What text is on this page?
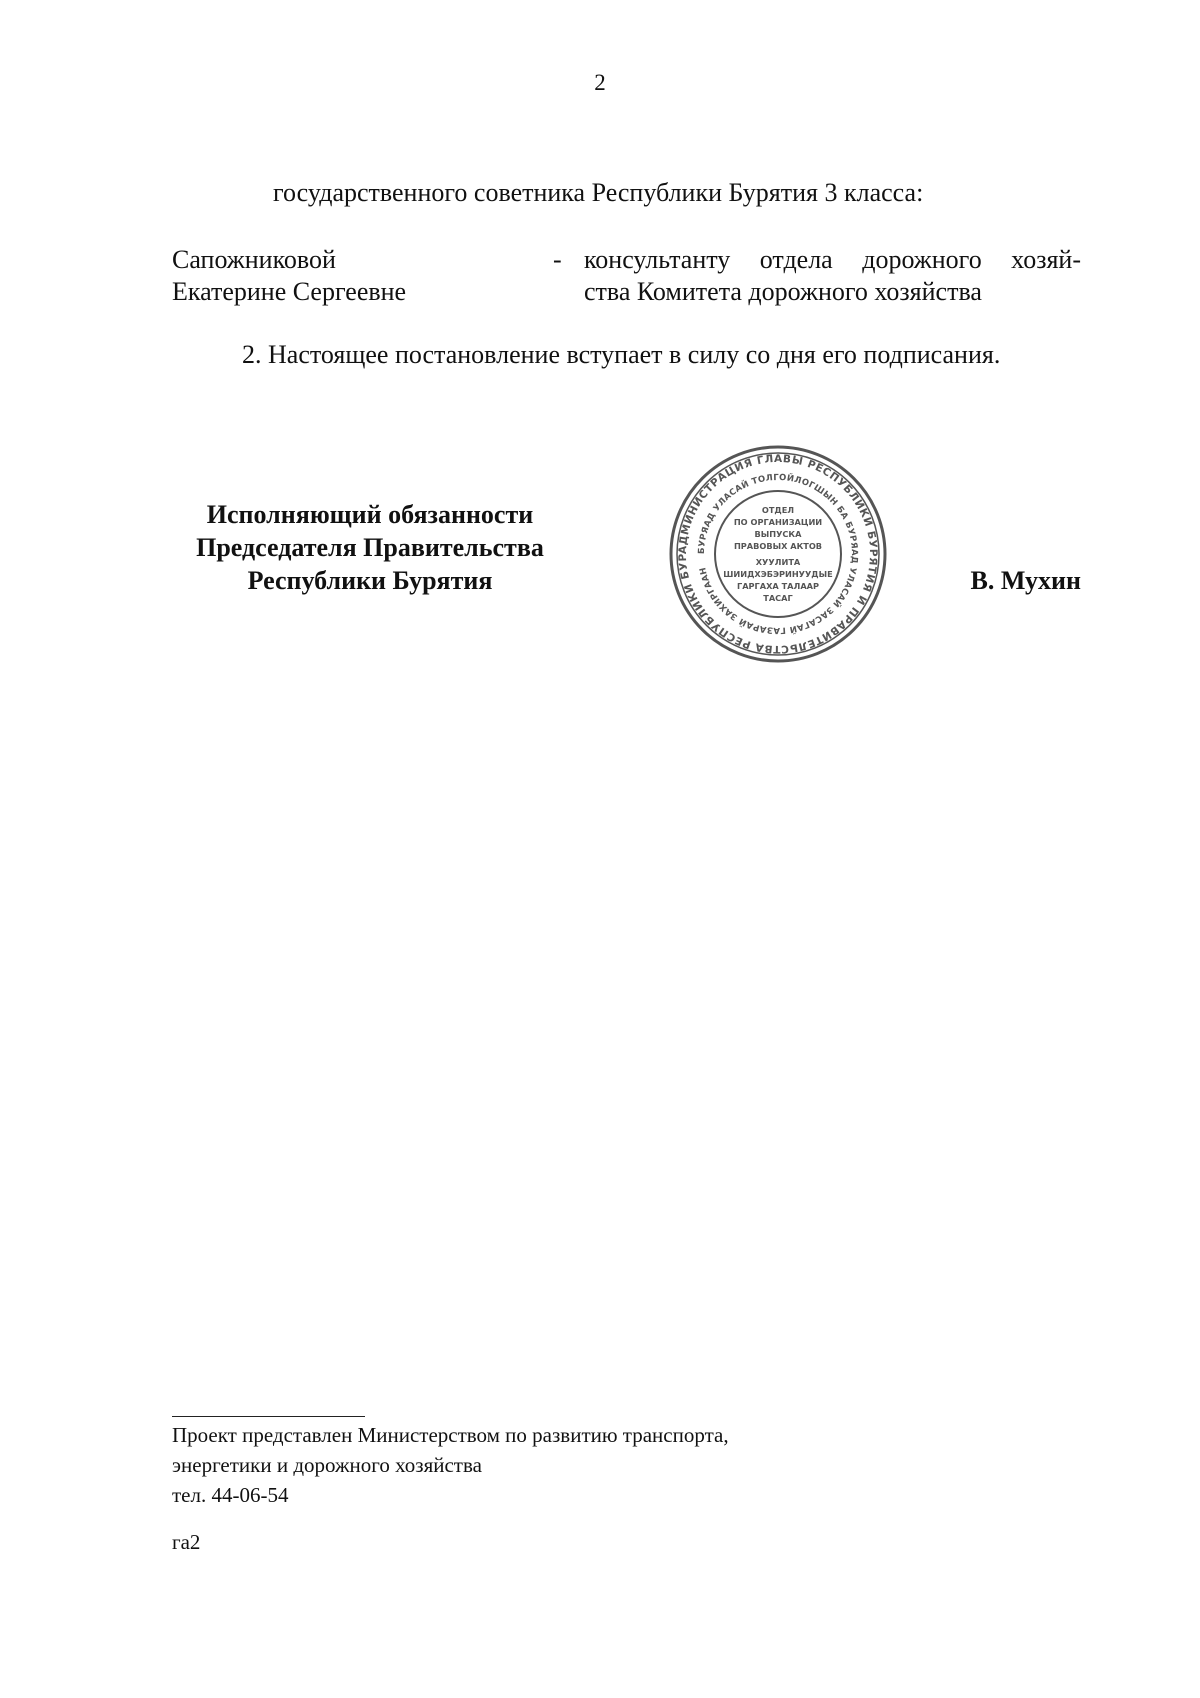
2
государственного советника Республики Бурятия 3 класса:
Сапожниковой
Екатерине Сергеевне
- консультанту отдела дорожного хозяй-
ства Комитета дорожного хозяйства
2. Настоящее постановление вступает в силу со дня его подписания.
Исполняющий обязанности
Председателя Правительства
Республики Бурятия
АДМИНИСТРАЦИЯ ГЛАВЫ РЕСПУБЛИКИ БУРЯТИЯ И ПРАВИТЕЛЬСТВА РЕСПУБЛИКИ БУР
БУРЯАД УЛАСАЙ ТОЛГОЙЛОГШЫН БА БУРЯАД УЛАСАЙ ЗАСАГАЙ ГАЗАРАЙ ЗАХИРГААН
ОТДЕЛ
ПО ОРГАНИЗАЦИИ
ВЫПУСКА
ПРАВОВЫХ АКТОВ
ХУУЛИТА
ШИИДХЭБЭРИНУУДЫЕ
ГАРГАХА ТАЛААР
ТАСАГ
В. Мухин
Проект представлен Министерством по развитию транспорта,
энергетики и дорожного хозяйства
тел. 44-06-54
га2
